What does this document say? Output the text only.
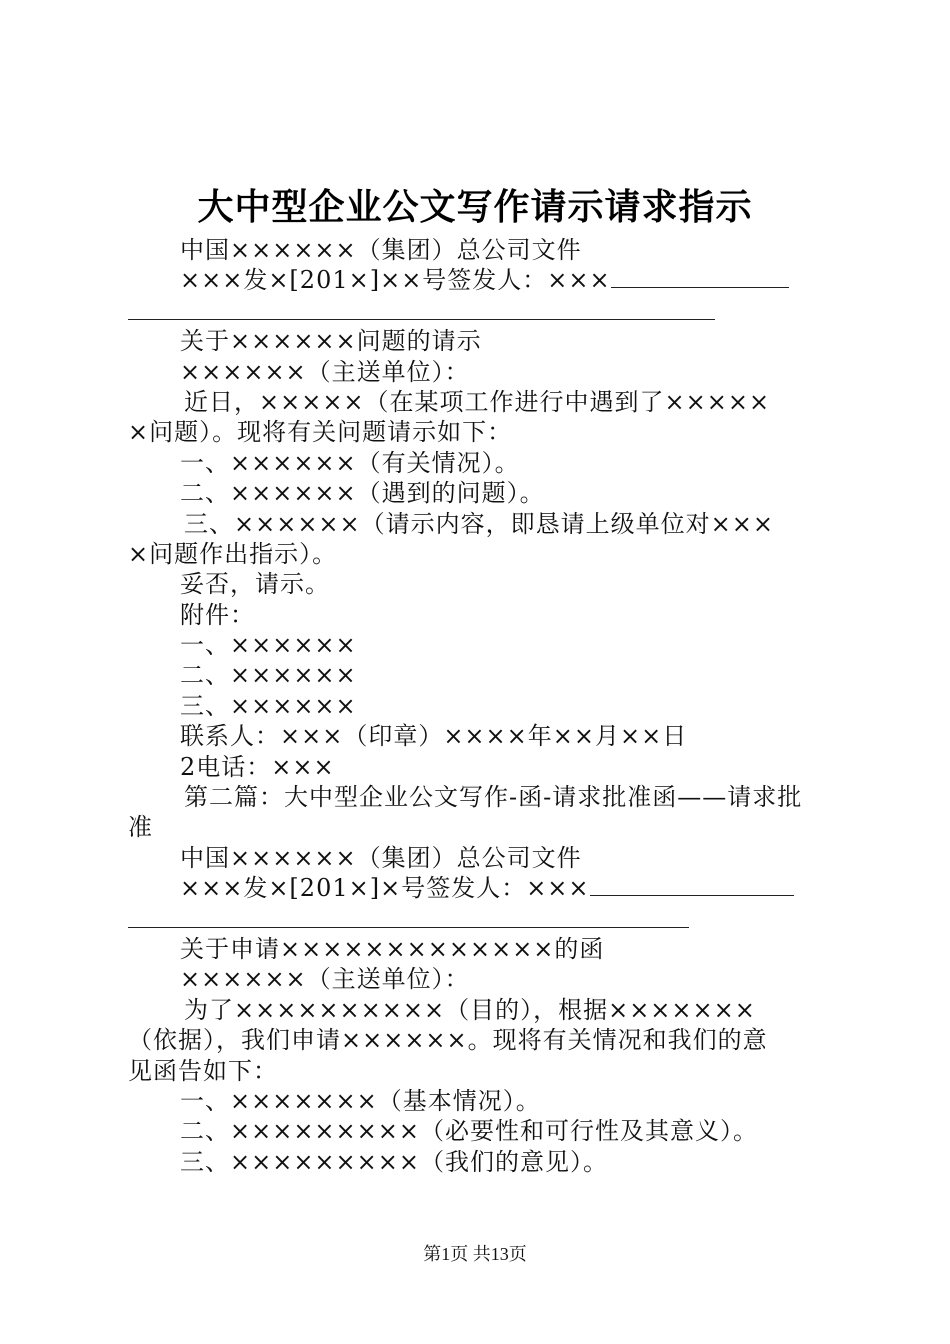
大中型企业公文写作请示请求指示
中国××××××（集团）总公司文件
×××发×[201×]××号签发人：×××
关于××××××问题的请示
××××××（主送单位）：
近日，×××××（在某项工作进行中遇到了×××××
×问题）。现将有关问题请示如下：
一、××××××（有关情况）。
二、××××××（遇到的问题）。
三、××××××（请示内容，即恳请上级单位对×××
×问题作出指示）。
妥否，请示。
附件：
一、××××××
二、××××××
三、××××××
联系人：×××（印章）××××年××月××日
2电话：×××
第二篇：大中型企业公文写作-函-请求批准函——请求批
准
中国××××××（集团）总公司文件
×××发×[201×]×号签发人：×××
关于申请×××××××××××××的函
××××××（主送单位）：
为了××××××××××（目的），根据×××××××
（依据），我们申请××××××。现将有关情况和我们的意
见函告如下：
一、×××××××（基本情况）。
二、×××××××××（必要性和可行性及其意义）。
三、×××××××××（我们的意见）。
第1页 共13页
